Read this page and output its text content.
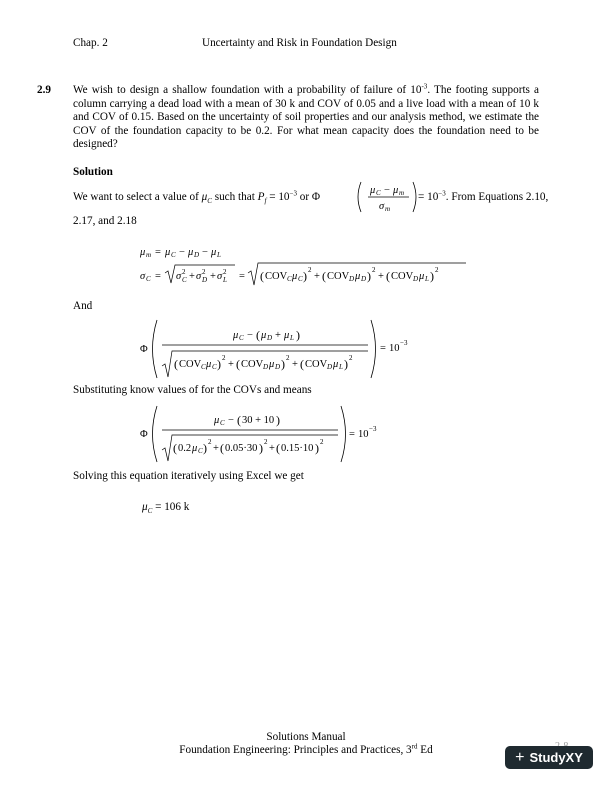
Chap. 2	Uncertainty and Risk in Foundation Design
2.9 We wish to design a shallow foundation with a probability of failure of $10^{-3}$. The footing supports a column carrying a dead load with a mean of 30 k and COV of 0.05 and a live load with a mean of 10 k and COV of 0.15. Based on the uncertainty of soil properties and our analysis method, we estimate the COV of the foundation capacity to be 0.2. For what mean capacity does the foundation need to be designed?
Solution
We want to select a value of $\mu_C$ such that $P_f = 10^{-3}$ or Φ
μ C − μ m
σ m
= $10^{-3}$. From Equations 2.10,
2.17, and 2.18
μ m = μ C − μ D − μ L
σ C = σ 2
C + σ 2
D + σ 2
L = ( COV C μ C ) 2
+ ( COV D μ D ) 2
+ ( COV D μ L ) 2
And
Φ
μ C − ( μ D + μ L )
( COV C μ C ) 2
+ ( COV D μ D ) 2
+ ( COV D μ L ) 2
= 10 −3
Substituting know values of for the COVs and means
Φ
μ C − ( 30 + 10 )
( 0.2 μ C ) 2
+ ( 0.05·30 ) 2
+ ( 0.15·10 ) 2
= 10 −3
Solving this equation iteratively using Excel we get
$\mu_C = 106$ k
Solutions Manual
Foundation Engineering: Principles and Practices, 3rd Ed	+ StudyXY
